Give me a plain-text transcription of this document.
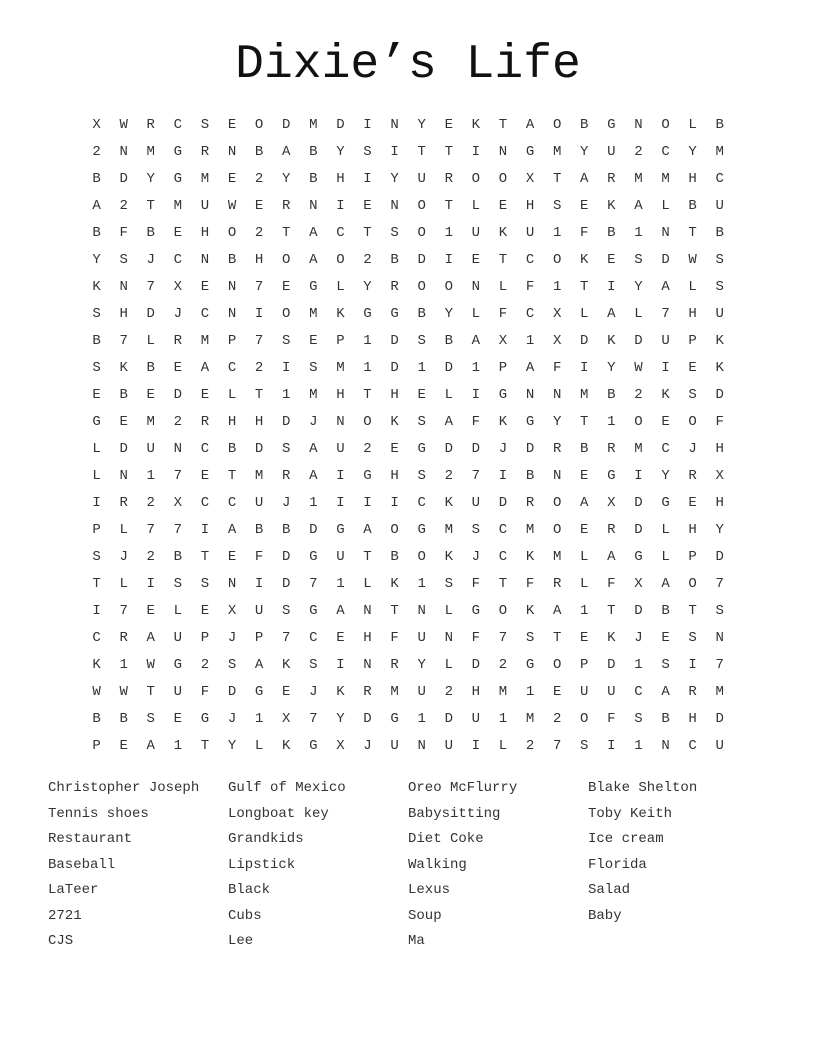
Dixie’s Life
X	W	R	C	S	E	O	D	M	D	I	N	Y	E	K	T	A	O	B	G	N	O	L	B
2	N	M	G	R	N	B	A	B	Y	S	I	T	T	I	N	G	M	Y	U	2	C	Y	M
B	D	Y	G	M	E	2	Y	B	H	I	Y	U	R	O	O	X	T	A	R	M	M	H	C
A	2	T	M	U	W	E	R	N	I	E	N	O	T	L	E	H	S	E	K	A	L	B	U
B	F	B	E	H	O	2	T	A	C	T	S	O	1	U	K	U	1	F	B	1	N	T	B
Y	S	J	C	N	B	H	O	A	O	2	B	D	I	E	T	C	O	K	E	S	D	W	S
K	N	7	X	E	N	7	E	G	L	Y	R	O	O	N	L	F	1	T	I	Y	A	L	S
S	H	D	J	C	N	I	O	M	K	G	G	B	Y	L	F	C	X	L	A	L	7	H	U
B	7	L	R	M	P	7	S	E	P	1	D	S	B	A	X	1	X	D	K	D	U	P	K
S	K	B	E	A	C	2	I	S	M	1	D	1	D	1	P	A	F	I	Y	W	I	E	K
E	B	E	D	E	L	T	1	M	H	T	H	E	L	I	G	N	N	M	B	2	K	S	D
G	E	M	2	R	H	H	D	J	N	O	K	S	A	F	K	G	Y	T	1	O	E	O	F
L	D	U	N	C	B	D	S	A	U	2	E	G	D	D	J	D	R	B	R	M	C	J	H
L	N	1	7	E	T	M	R	A	I	G	H	S	2	7	I	B	N	E	G	I	Y	R	X
I	R	2	X	C	C	U	J	1	I	I	I	C	K	U	D	R	O	A	X	D	G	E	H
P	L	7	7	I	A	B	B	D	G	A	O	G	M	S	C	M	O	E	R	D	L	H	Y
S	J	2	B	T	E	F	D	G	U	T	B	O	K	J	C	K	M	L	A	G	L	P	D
T	L	I	S	S	N	I	D	7	1	L	K	1	S	F	T	F	R	L	F	X	A	O	7
I	7	E	L	E	X	U	S	G	A	N	T	N	L	G	O	K	A	1	T	D	B	T	S
C	R	A	U	P	J	P	7	C	E	H	F	U	N	F	7	S	T	E	K	J	E	S	N
K	1	W	G	2	S	A	K	S	I	N	R	Y	L	D	2	G	O	P	D	1	S	I	7
W	W	T	U	F	D	G	E	J	K	R	M	U	2	H	M	1	E	U	U	C	A	R	M
B	B	S	E	G	J	1	X	7	Y	D	G	1	D	U	1	M	2	O	F	S	B	H	D
P	E	A	1	T	Y	L	K	G	X	J	U	N	U	I	L	2	7	S	I	1	N	C	U
Christopher Joseph
Tennis shoes
Restaurant
Baseball
LaTeer
2721
CJS
Gulf of Mexico
Longboat key
Grandkids
Lipstick
Black
Cubs
Lee
Oreo McFlurry
Babysitting
Diet Coke
Walking
Lexus
Soup
Ma
Blake Shelton
Toby Keith
Ice cream
Florida
Salad
Baby
